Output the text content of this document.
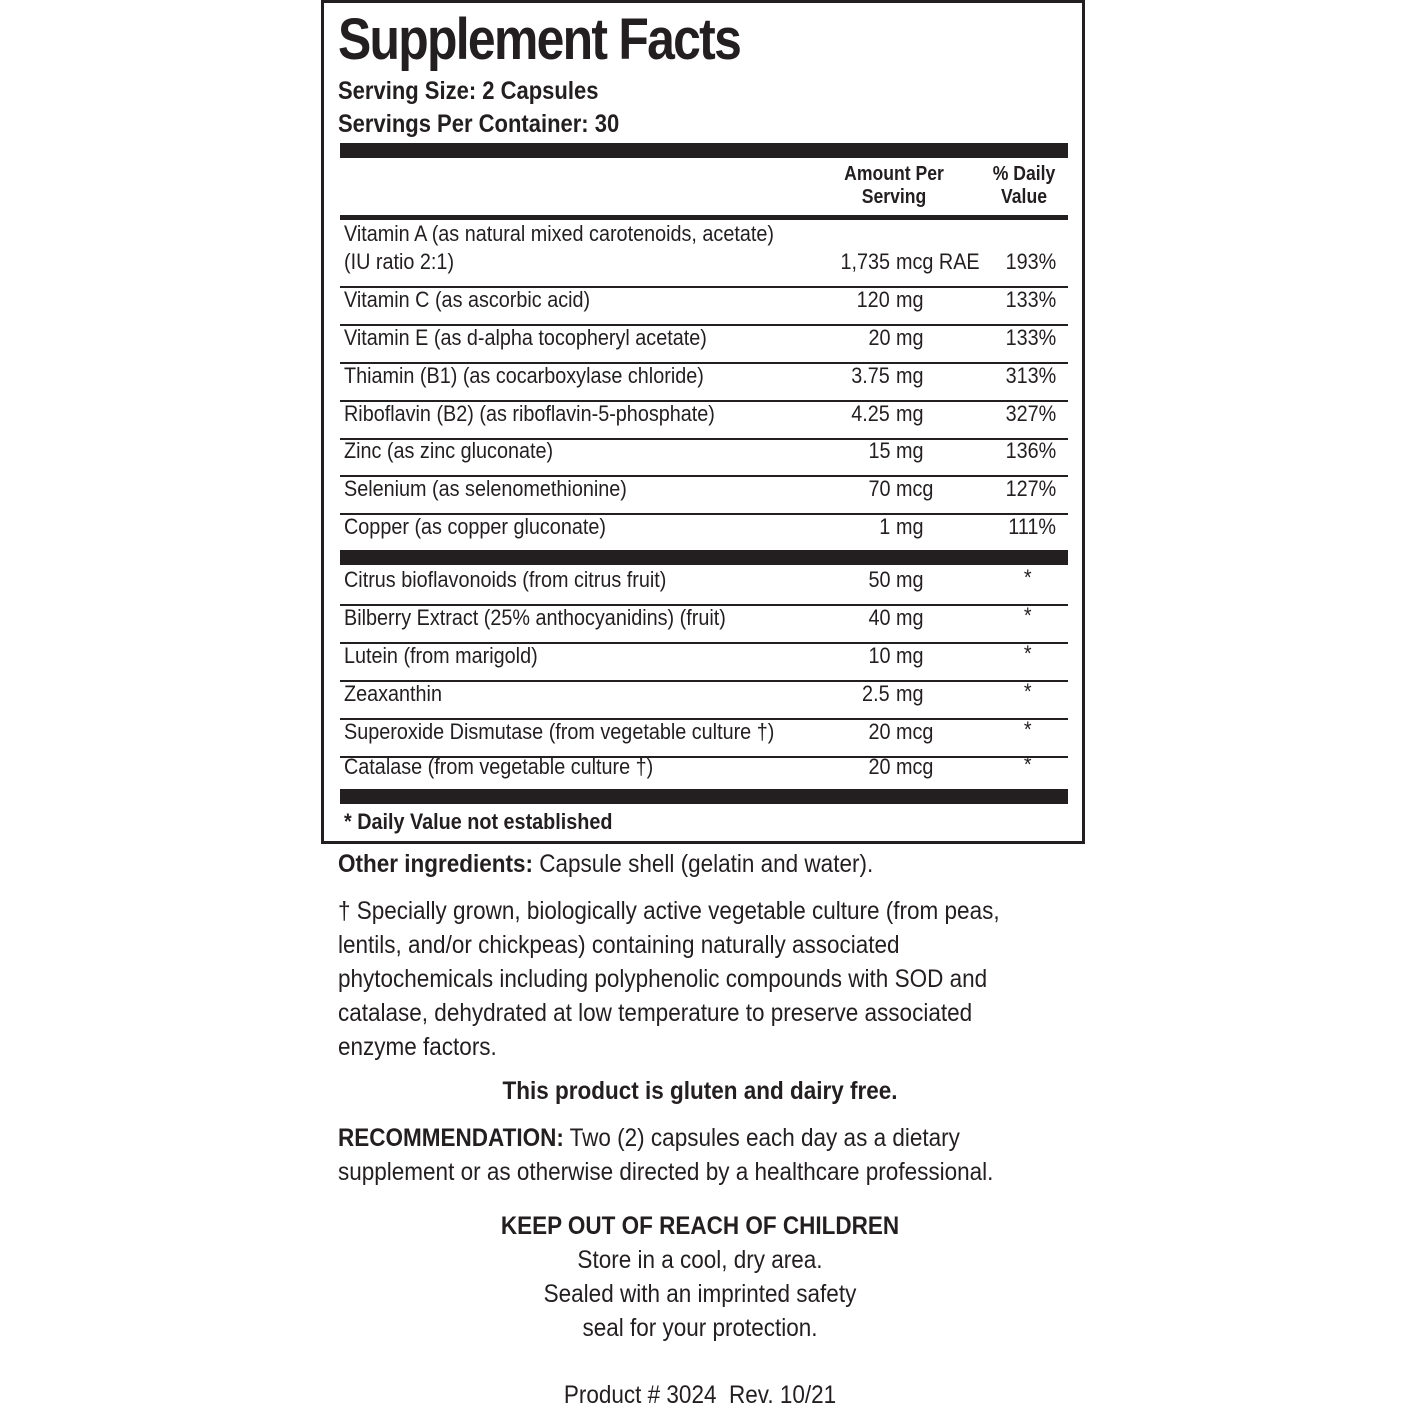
Supplement Facts
Serving Size: 2 Capsules
Servings Per Container: 30
Amount Per
Serving
% Daily
Value
Vitamin A (as natural mixed carotenoids, acetate)
(IU ratio 2:1)	1,735 mcg RAE 193%
Vitamin C (as ascorbic acid)	120 mg	133%
Vitamin E (as d-alpha tocopheryl acetate)	20 mg	133%
Thiamin (B1) (as cocarboxylase chloride)	3.75 mg	313%
Riboflavin (B2) (as riboflavin-5-phosphate)	4.25 mg	327%
Zinc (as zinc gluconate)	15 mg	136%
Selenium (as selenomethionine)	70 mcg	127%
Copper (as copper gluconate)	1 mg	111%
Citrus bioflavonoids (from citrus fruit)	50 mg	*
Bilberry Extract (25% anthocyanidins) (fruit)	40 mg	*
Lutein (from marigold)	10 mg	*
Zeaxanthin	2.5 mg	*
Superoxide Dismutase (from vegetable culture †)	20 mcg	*
Catalase (from vegetable culture †)	20 mcg	*
* Daily Value not established
Other ingredients: Capsule shell (gelatin and water).
† Specially grown, biologically active vegetable culture (from peas, lentils, and/or chickpeas) containing naturally associated phytochemicals including polyphenolic compounds with SOD and catalase, dehydrated at low temperature to preserve associated enzyme factors.
This product is gluten and dairy free.
RECOMMENDATION: Two (2) capsules each day as a dietary supplement or as otherwise directed by a healthcare professional.
KEEP OUT OF REACH OF CHILDREN
Store in a cool, dry area.
Sealed with an imprinted safety
seal for your protection.
Product # 3024  Rev. 10/21
